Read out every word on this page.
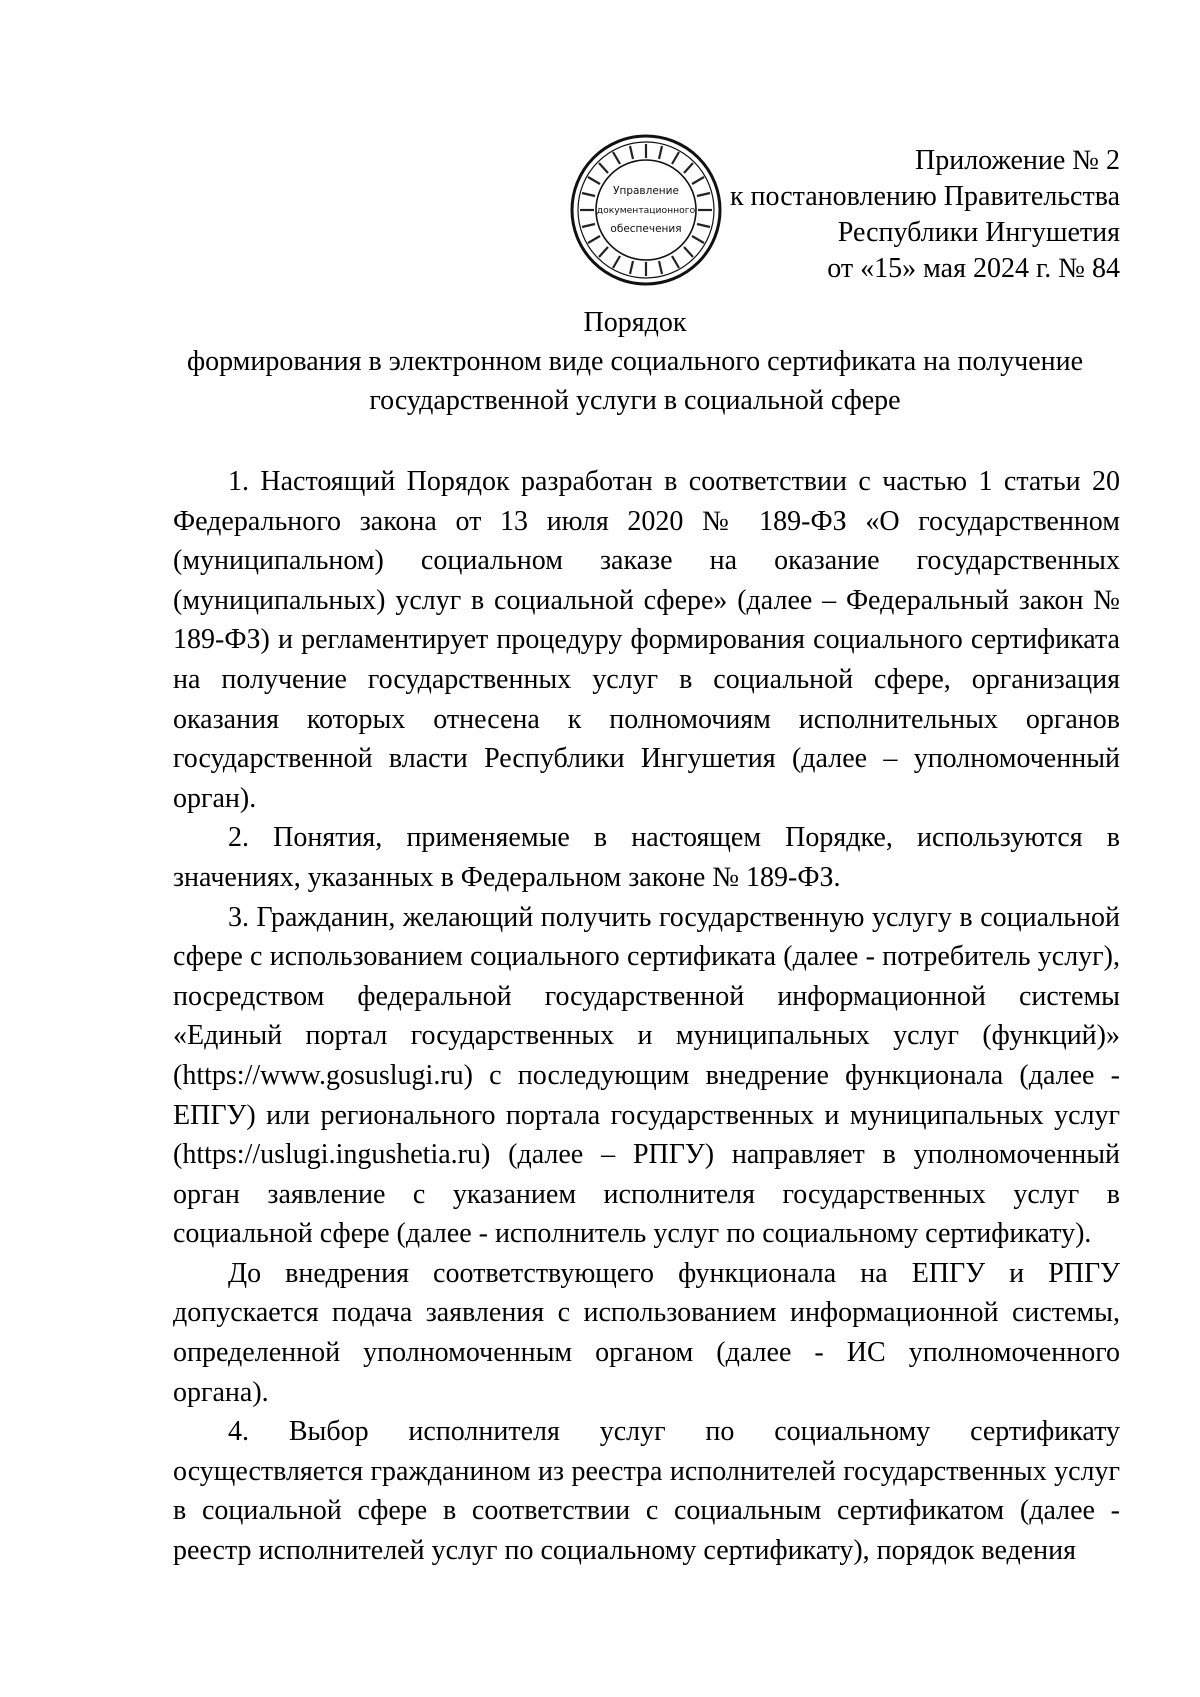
Управление
документационного
обеспечения
Приложение № 2
к постановлению Правительства
Республики Ингушетия
от «15» мая 2024 г. № 84
Порядок
формирования в электронном виде социального сертификата на получение
государственной услуги в социальной сфере

1. Настоящий Порядок разработан в соответствии с частью 1 статьи 20 Федерального закона от 13 июля 2020 № 189-ФЗ «О государственном (муниципальном) социальном заказе на оказание государственных (муниципальных) услуг в социальной сфере» (далее – Федеральный закон № 189-ФЗ) и регламентирует процедуру формирования социального сертификата на получение государственных услуг в социальной сфере, организация оказания которых отнесена к полномочиям исполнительных органов государственной власти Республики Ингушетия (далее – уполномоченный орган).

2. Понятия, применяемые в настоящем Порядке, используются в значениях, указанных в Федеральном законе № 189-ФЗ.

3. Гражданин, желающий получить государственную услугу в социальной сфере с использованием социального сертификата (далее - потребитель услуг), посредством федеральной государственной информационной системы «Единый портал государственных и муниципальных услуг (функций)» (https://www.gosuslugi.ru) с последующим внедрение функционала (далее - ЕПГУ) или регионального портала государственных и муниципальных услуг (https://uslugi.ingushetia.ru) (далее – РПГУ) направляет в уполномоченный орган заявление с указанием исполнителя государственных услуг в социальной сфере (далее - исполнитель услуг по социальному сертификату).

До внедрения соответствующего функционала на ЕПГУ и РПГУ допускается подача заявления с использованием информационной системы, определенной уполномоченным органом (далее - ИС уполномоченного органа).

4. Выбор исполнителя услуг по социальному сертификату осуществляется гражданином из реестра исполнителей государственных услуг в социальной сфере в соответствии с социальным сертификатом (далее - реестр исполнителей услуг по социальному сертификату), порядок ведения
